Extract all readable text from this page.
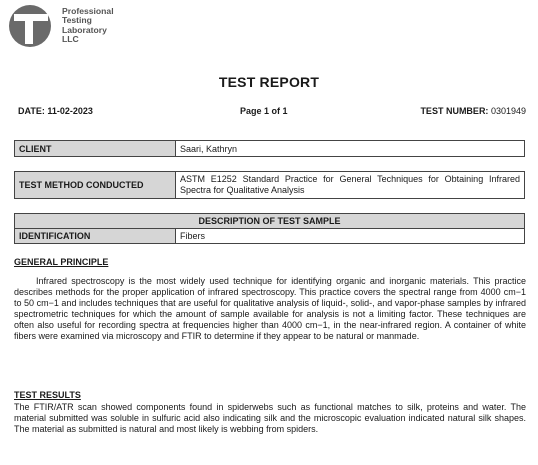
Professional
Testing
Laboratory
LLC
TEST REPORT
DATE: 11-02-2023	Page 1 of 1	TEST NUMBER: 0301949
CLIENT	Saari, Kathryn
TEST METHOD CONDUCTED	ASTM E1252 Standard Practice for General Techniques for Obtaining Infrared Spectra for Qualitative Analysis
DESCRIPTION OF TEST SAMPLE
IDENTIFICATION	Fibers
GENERAL PRINCIPLE
Infrared spectroscopy is the most widely used technique for identifying organic and inorganic materials. This practice describes methods for the proper application of infrared spectroscopy. This practice covers the spectral range from 4000 cm−1 to 50 cm−1 and includes techniques that are useful for qualitative analysis of liquid-, solid-, and vapor-phase samples by infrared spectrometric techniques for which the amount of sample available for analysis is not a limiting factor. These techniques are often also useful for recording spectra at frequencies higher than 4000 cm−1, in the near-infrared region. A container of white fibers were examined via microscopy and FTIR to determine if they appear to be natural or manmade.
TEST RESULTS
The FTIR/ATR scan showed components found in spiderwebs such as functional matches to silk, proteins and water. The material submitted was soluble in sulfuric acid also indicating silk and the microscopic evaluation indicated natural silk shapes. The material as submitted is natural and most likely is webbing from spiders.
